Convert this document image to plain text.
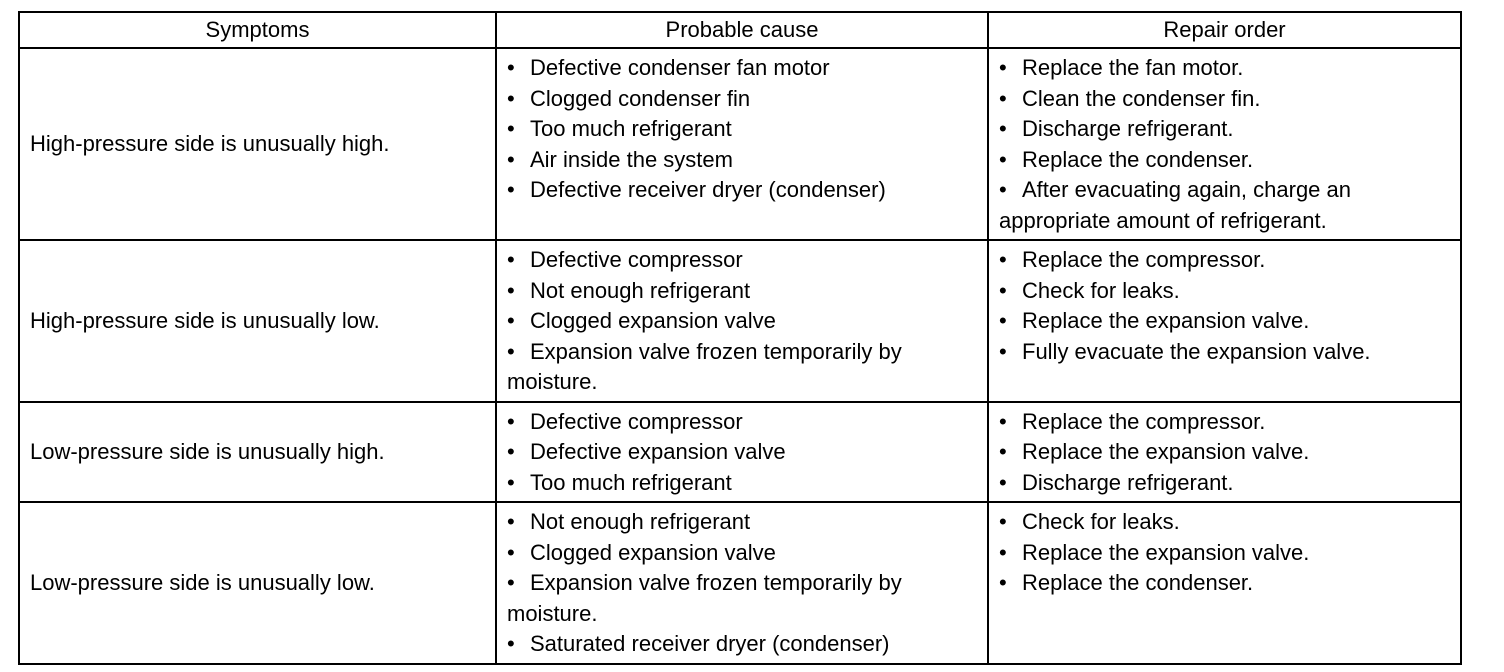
Symptoms	Probable cause	Repair order
High-pressure side is unusually high.	• Defective condenser fan motor
• Clogged condenser fin
• Too much refrigerant
• Air inside the system
• Defective receiver dryer (condenser)	• Replace the fan motor.
• Clean the condenser fin.
• Discharge refrigerant.
• Replace the condenser.
• After evacuating again, charge an appropriate amount of refrigerant.

High-pressure side is unusually low.	• Defective compressor
• Not enough refrigerant
• Clogged expansion valve
• Expansion valve frozen temporarily by moisture.	• Replace the compressor.
• Check for leaks.
• Replace the expansion valve.
• Fully evacuate the expansion valve.

Low-pressure side is unusually high.	• Defective compressor
• Defective expansion valve
• Too much refrigerant	• Replace the compressor.
• Replace the expansion valve.
• Discharge refrigerant.

Low-pressure side is unusually low.	• Not enough refrigerant
• Clogged expansion valve
• Expansion valve frozen temporarily by moisture.
• Saturated receiver dryer (condenser)	• Check for leaks.
• Replace the expansion valve.
• Replace the condenser.
